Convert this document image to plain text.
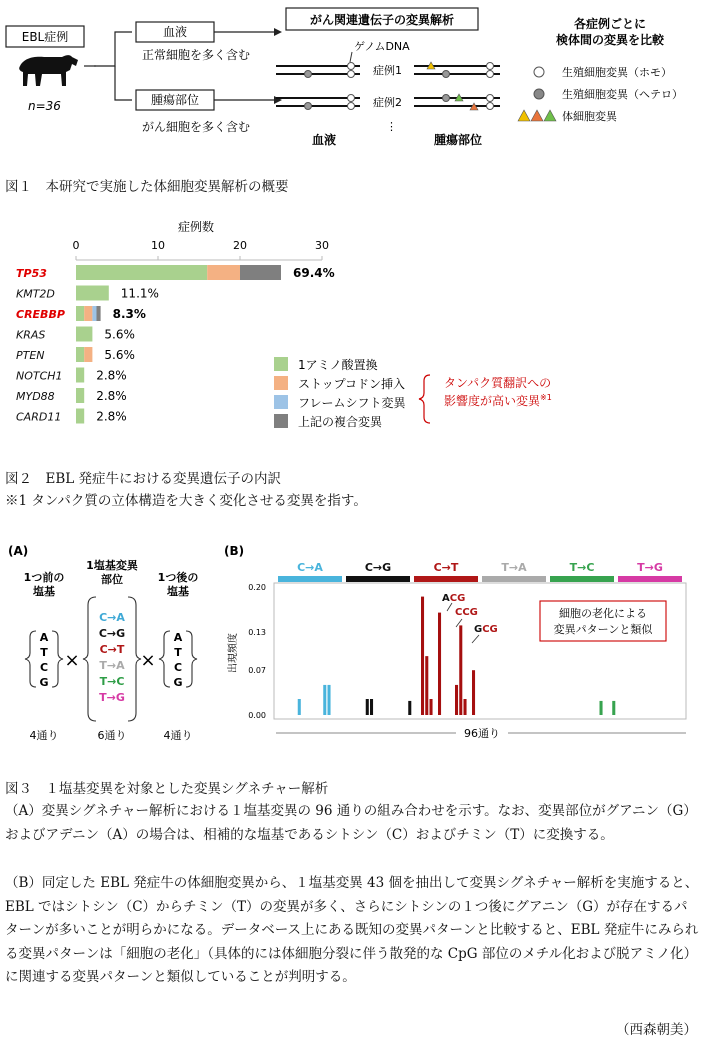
EBL症例
n=36
血液
正常細胞を多く含む
腫瘍部位
がん細胞を多く含む
がん関連遺伝子の変異解析
ゲノムDNA
症例1
症例2
⋮
血液	腫瘍部位
各症例ごとに
検体間の変異を比較
生殖細胞変異（ホモ）
生殖細胞変異（ヘテロ）
体細胞変異
図１　本研究で実施した体細胞変異解析の概要
症例数
0	10	20	30
TP53	69.4%
KMT2D	11.1%
CREBBP	8.3%
KRAS	5.6%
PTEN	5.6%
NOTCH1	2.8%
MYD88	2.8%
CARD11	2.8%
1アミノ酸置換
ストップコドン挿入
フレームシフト変異
上記の複合変異
タンパク質翻訳への
影響度が高い変異$^{※1}$
図２　EBL 発症牛における変異遺伝子の内訳
※1 タンパク質の立体構造を大きく変化させる変異を指す。
(A)
1つ前の
塩基
1塩基変異
部位	1つ後の
塩基
A
T
C
G
A
T
C
G
C→A
C→G
C→T
T→A
T→C
T→G
×	×
4通り	6通り	4通り
(B)
C→A	C→G	C→T	T→A	T→C	T→G
0.20
0.13
0.07
0.00
出現頻度
ACG
CCG
GCG
細胞の老化による
変異パターンと類似
96通り
図３　１塩基変異を対象とした変異シグネチャー解析
（A）変異シグネチャー解析における１塩基変異の 96 通りの組み合わせを示す。なお、変異部位がグアニン（G）およびアデニン（A）の場合は、相補的な塩基であるシトシン（C）およびチミン（T）に変換する。
（B）同定した EBL 発症牛の体細胞変異から、１塩基変異 43 個を抽出して変異シグネチャー解析を実施すると、EBL ではシトシン（C）からチミン（T）の変異が多く、さらにシトシンの１つ後にグアニン（G）が存在するパターンが多いことが明らかになる。データベース上にある既知の変異パターンと比較すると、EBL 発症牛にみられる変異パターンは「細胞の老化」（具体的には体細胞分裂に伴う散発的な CpG 部位のメチル化および脱アミノ化）に関連する変異パターンと類似していることが判明する。
（西森朝美）
